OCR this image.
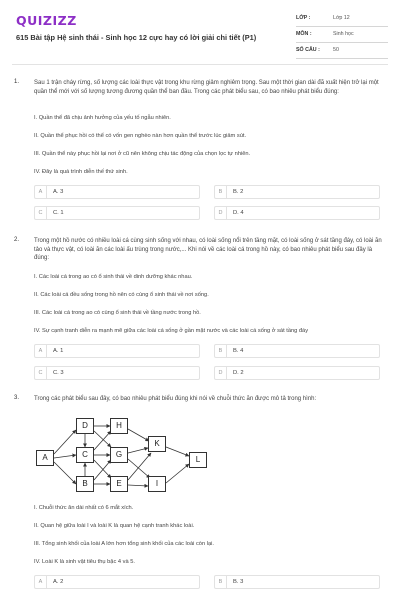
QUIZIZZ
615 Bài tập Hệ sinh thái - Sinh học 12 cực hay có lời giải chi tiết (P1)
LỚP :	Lớp 12
MÔN :	Sinh học
SỐ CÂU : 50
1. Sau 1 trận cháy rừng, số lượng các loài thực vật trong khu rừng giảm nghiêm trọng. Sau một thời gian dài đã xuất hiện trở lại một quần thể mới với số lượng tương đương quần thể ban đầu. Trong các phát biểu sau, có bao nhiêu phát biểu đúng:
I. Quần thể đã chịu ảnh hưởng của yếu tố ngẫu nhiên.
II. Quần thể phục hồi có thể có vốn gen nghèo nàn hơn quần thể trước lúc giảm sút.
III. Quần thể này phục hồi lại nơi ở cũ nên không chịu tác động của chọn lọc tự nhiên.
IV. Đây là quá trình diễn thế thứ sinh.
A	A. 3	B	B. 2
C	C. 1	D	D. 4
2. Trong một hồ nước có nhiều loài cá cùng sinh sống với nhau, có loài sống nổi trên tầng mặt, có loài sống ở sát tầng đáy, có loài ăn tảo và thực vật, có loài ăn các loài ấu trùng trong nước,... Khi nói về các loài cá trong hồ này, có bao nhiêu phát biểu sau đây là đúng:
I. Các loài cá trong ao có ổ sinh thái về dinh dưỡng khác nhau.
II. Các loài cá đều sống trong hồ nên có cùng ổ sinh thái về nơi sống.
III. Các loài cá trong ao có cùng ổ sinh thái về tầng nước trong hồ.
IV. Sự cạnh tranh diễn ra mạnh mẽ giữa các loài cá sống ở gần mặt nước và các loài cá sống ở sát tầng đáy
A	A. 1	B	B. 4
C	C. 3	D	D. 2
3. Trong các phát biểu sau đây, có bao nhiêu phát biểu đúng khi nói về chuỗi thức ăn được mô tả trong hình:
A
D
C
B
H
G
E
K
I
L
I. Chuỗi thức ăn dài nhất có 6 mắt xích.
II. Quan hệ giữa loài I và loài K là quan hệ cạnh tranh khác loài.
III. Tổng sinh khối của loài A lớn hơn tổng sinh khối của các loài còn lại.
IV. Loài K là sinh vật tiêu thụ bậc 4 và 5.
A	A. 2	B	B. 3
